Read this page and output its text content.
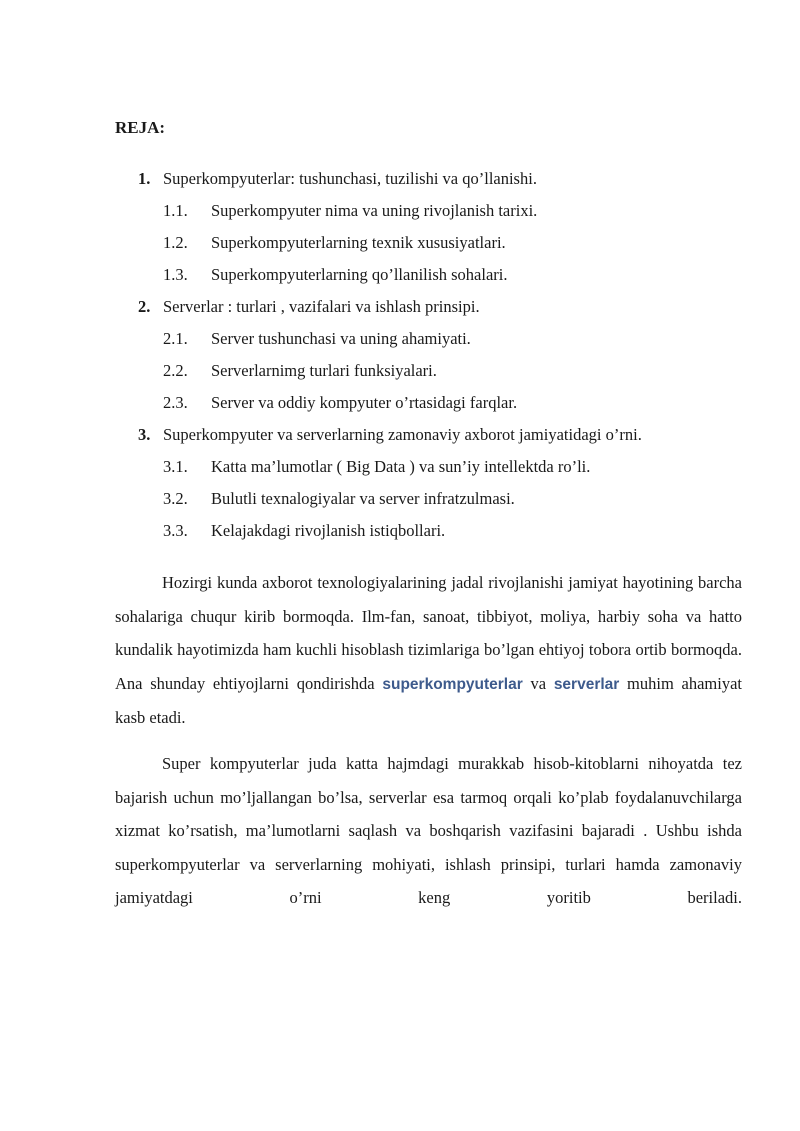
REJA:
1. Superkompyuterlar: tushunchasi, tuzilishi va qo’llanishi.
1.1.	Superkompyuter nima va uning rivojlanish tarixi.
1.2.	Superkompyuterlarning texnik xususiyatlari.
1.3.	Superkompyuterlarning qo’llanilish sohalari.
2. Serverlar : turlari , vazifalari va ishlash prinsipi.
2.1.	Server tushunchasi va uning ahamiyati.
2.2.	Serverlarnimg turlari funksiyalari.
2.3.	Server va oddiy kompyuter o’rtasidagi farqlar.
3. Superkompyuter va serverlarning zamonaviy axborot jamiyatidagi o’rni.
3.1.	Katta ma’lumotlar ( Big Data ) va sun’iy intellektda ro’li.
3.2.	Bulutli texnalogiyalar va server infratzulmasi.
3.3.	Kelajakdagi rivojlanish istiqbollari.

Hozirgi kunda axborot texnologiyalarining jadal rivojlanishi jamiyat hayotining barcha sohalariga chuqur kirib bormoqda. Ilm-fan, sanoat, tibbiyot, moliya, harbiy soha va hatto kundalik hayotimizda ham kuchli hisoblash tizimlariga bo’lgan ehtiyoj tobora ortib bormoqda. Ana shunday ehtiyojlarni qondirishda superkompyuterlar va serverlar muhim ahamiyat kasb etadi.

Super kompyuterlar juda katta hajmdagi murakkab hisob-kitoblarni nihoyatda tez bajarish uchun mo’ljallangan bo’lsa, serverlar esa tarmoq orqali ko’plab foydalanuvchilarga xizmat ko’rsatish, ma’lumotlarni saqlash va boshqarish vazifasini bajaradi . Ushbu ishda superkompyuterlar va serverlarning mohiyati, ishlash prinsipi, turlari hamda zamonaviy jamiyatdagi o’rni keng yoritib beriladi.
